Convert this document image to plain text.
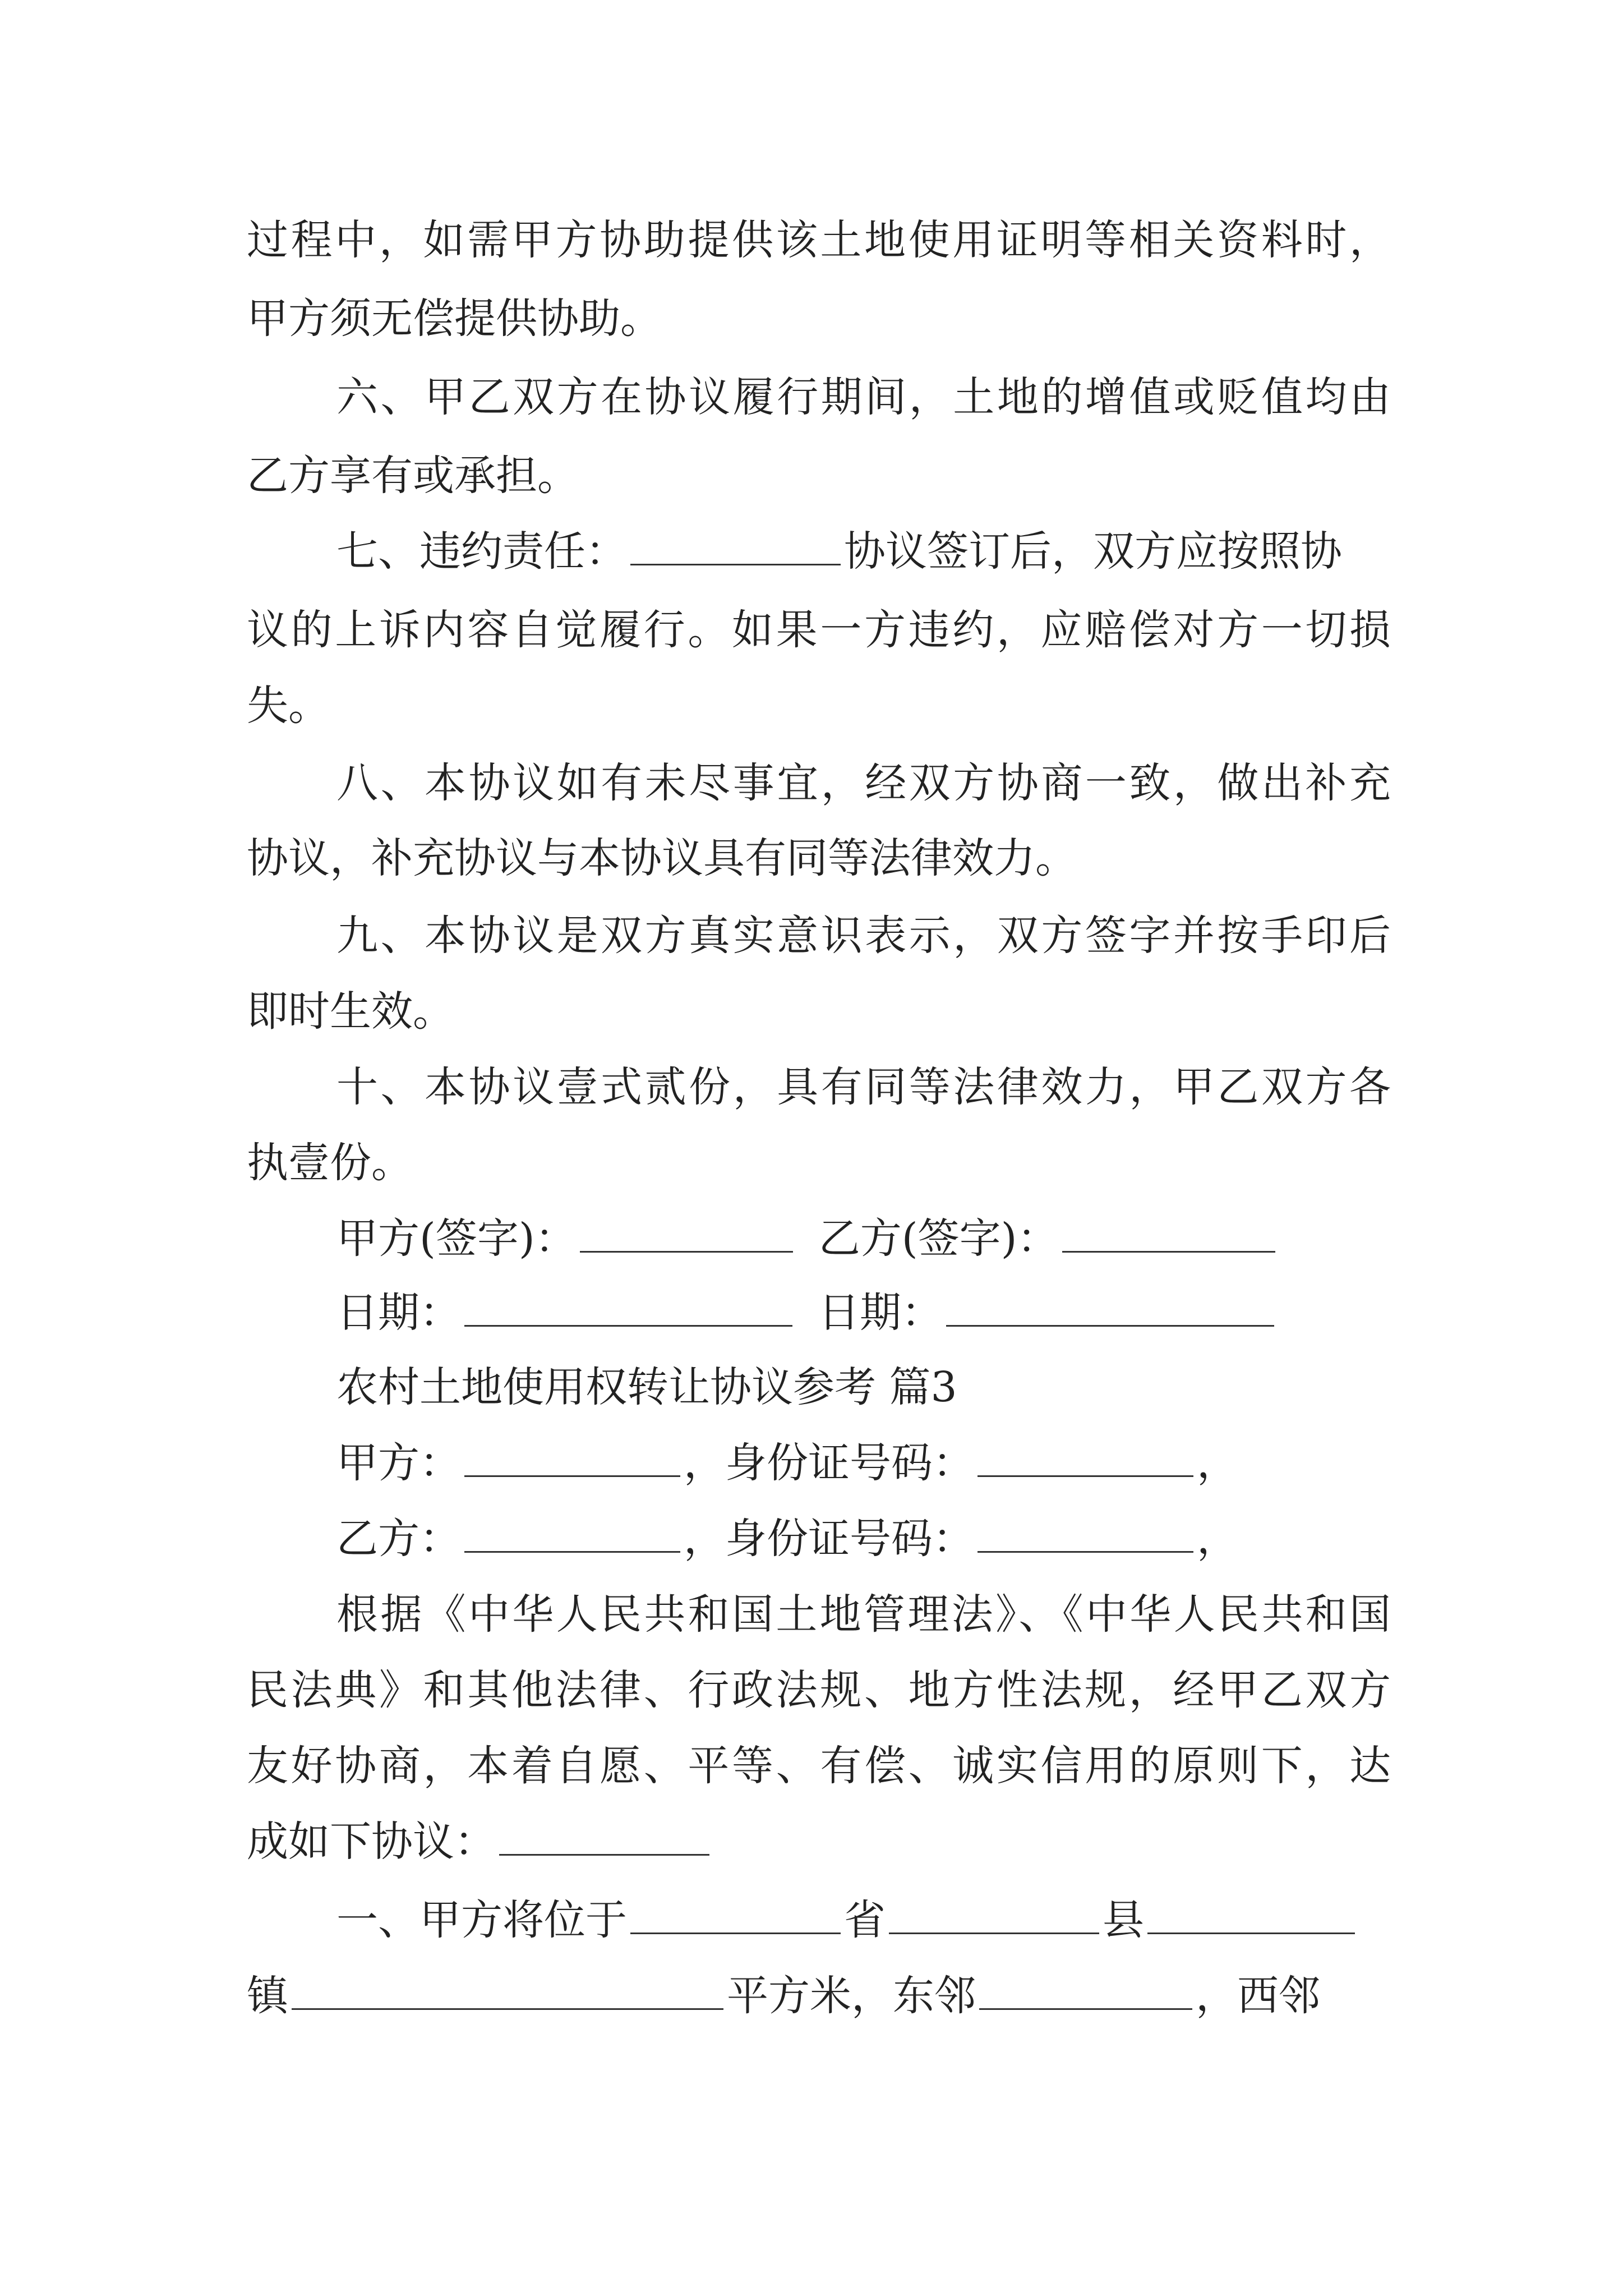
过程中，如需甲方协助提供该土地使用证明等相关资料时，
甲方须无偿提供协助。
六、甲乙双方在协议履行期间，土地的增值或贬值均由
乙方享有或承担。
七、违约责任：	协议签订后，双方应按照协
议的上诉内容自觉履行。如果一方违约，应赔偿对方一切损
失。
八、本协议如有未尽事宜，经双方协商一致，做出补充
协议，补充协议与本协议具有同等法律效力。
九、本协议是双方真实意识表示，双方签字并按手印后
即时生效。
十、本协议壹式贰份，具有同等法律效力，甲乙双方各
执壹份。
甲方(签字)：	乙方(签字)：
日期：	日期：
农村土地使用权转让协议参考 篇3
甲方：	，身份证号码：	，
乙方：	，身份证号码：	，
根据《中华人民共和国土地管理法》、《中华人民共和国
民法典》和其他法律、行政法规、地方性法规，经甲乙双方
友好协商，本着自愿、平等、有偿、诚实信用的原则下，达
成如下协议：
一、甲方将位于	省	县
镇	平方米，东邻	，西邻
